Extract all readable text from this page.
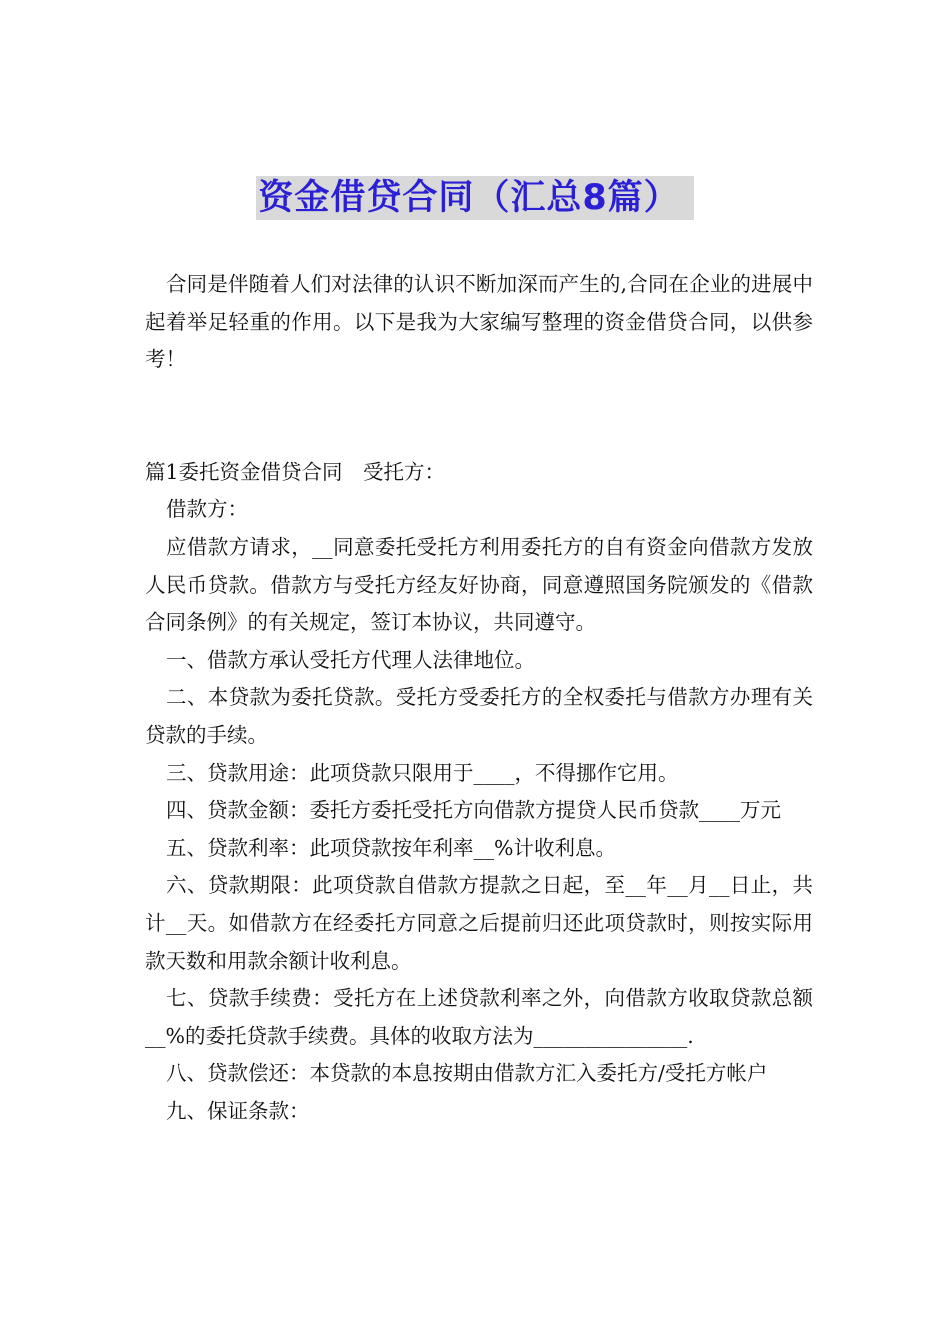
资金借贷合同（汇总8篇）

合同是伴随着人们对法律的认识不断加深而产生的,合同在企业的进展中起着举足轻重的作用。以下是我为大家编写整理的资金借贷合同，以供参考！

篇1委托资金借贷合同　受托方：

借款方：

应借款方请求，__同意委托受托方利用委托方的自有资金向借款方发放人民币贷款。借款方与受托方经友好协商，同意遵照国务院颁发的《借款合同条例》的有关规定，签订本协议，共同遵守。

一、借款方承认受托方代理人法律地位。

二、本贷款为委托贷款。受托方受委托方的全权委托与借款方办理有关贷款的手续。

三、贷款用途：此项贷款只限用于____，不得挪作它用。

四、贷款金额：委托方委托受托方向借款方提贷人民币贷款____万元

五、贷款利率：此项贷款按年利率__%计收利息。

六、贷款期限：此项贷款自借款方提款之日起，至__年__月__日止，共计__天。如借款方在经委托方同意之后提前归还此项贷款时，则按实际用款天数和用款余额计收利息。

七、贷款手续费：受托方在上述贷款利率之外，向借款方收取贷款总额__%的委托贷款手续费。具体的收取方法为_______________.

八、贷款偿还：本贷款的本息按期由借款方汇入委托方/受托方帐户

九、保证条款：
